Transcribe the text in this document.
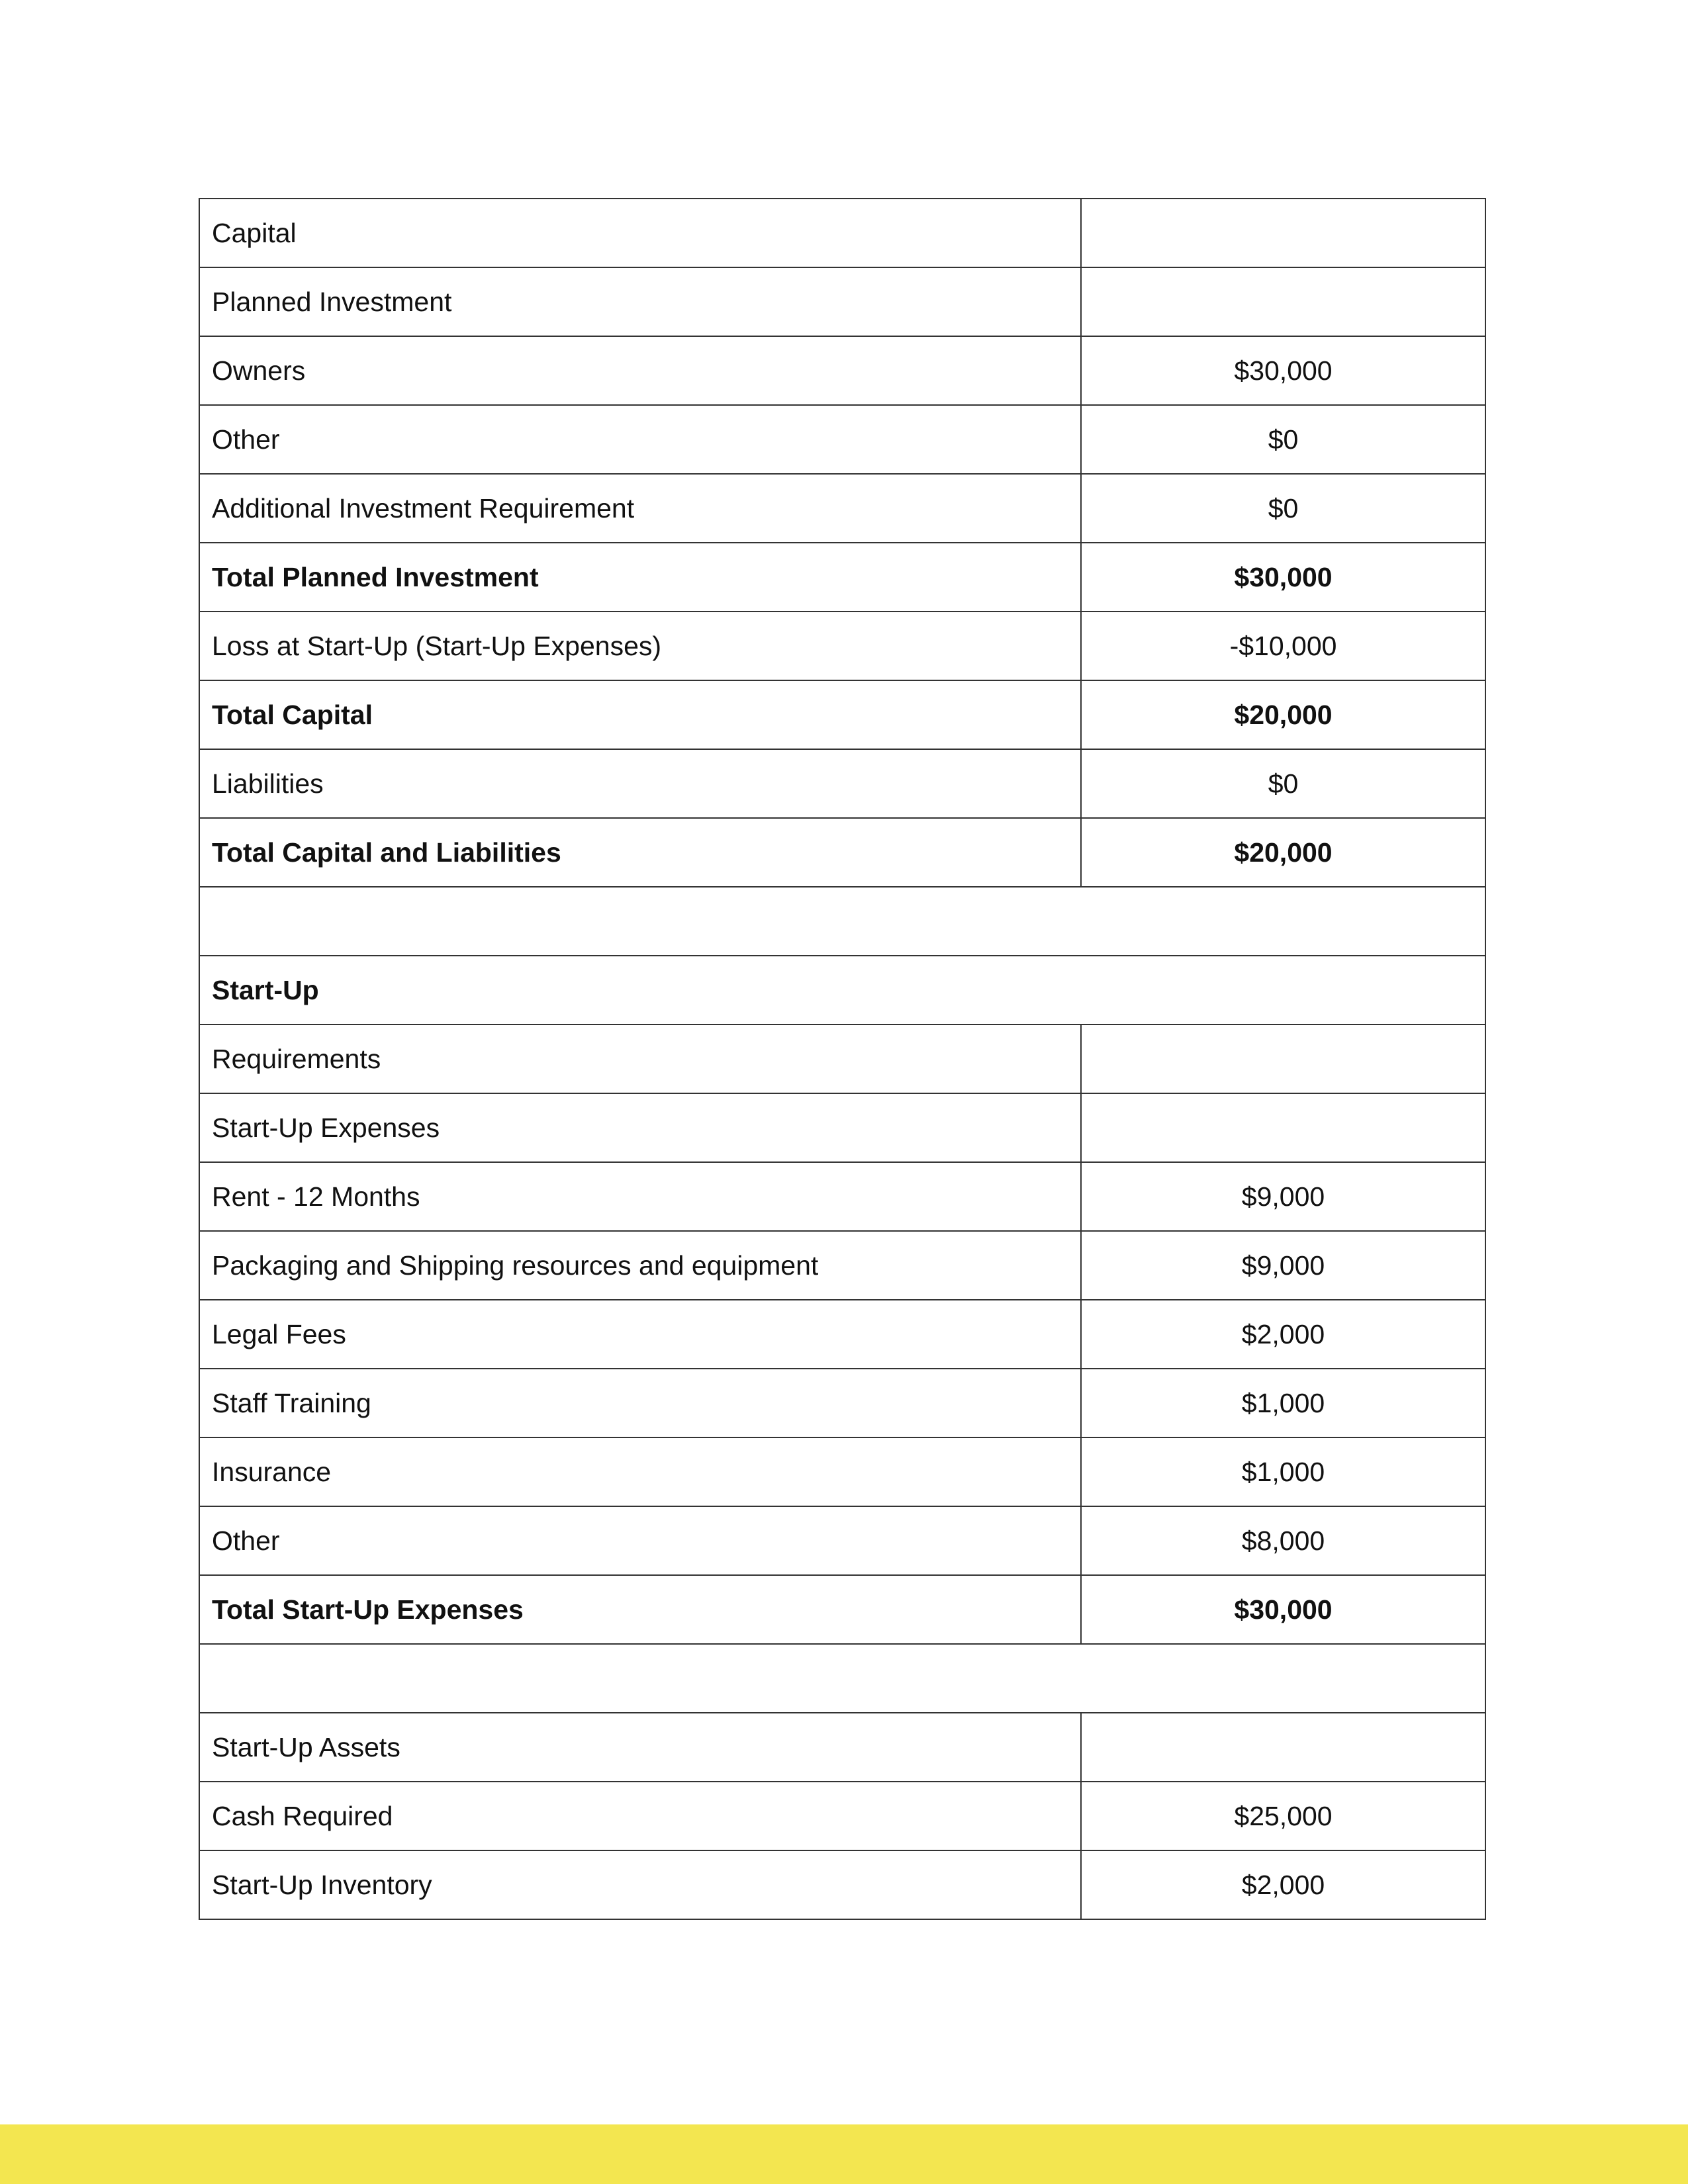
Capital	
Planned Investment	
Owners	$30,000
Other	$0
Additional Investment Requirement	$0
Total Planned Investment	$30,000
Loss at Start-Up (Start-Up Expenses)	-$10,000
Total Capital	$20,000
Liabilities	$0
Total Capital and Liabilities	$20,000

Start-Up	
Requirements	
Start-Up Expenses	
Rent - 12 Months	$9,000
Packaging and Shipping resources and equipment	$9,000
Legal Fees	$2,000
Staff Training	$1,000
Insurance	$1,000
Other	$8,000
Total Start-Up Expenses	$30,000

Start-Up Assets	
Cash Required	$25,000
Start-Up Inventory	$2,000
